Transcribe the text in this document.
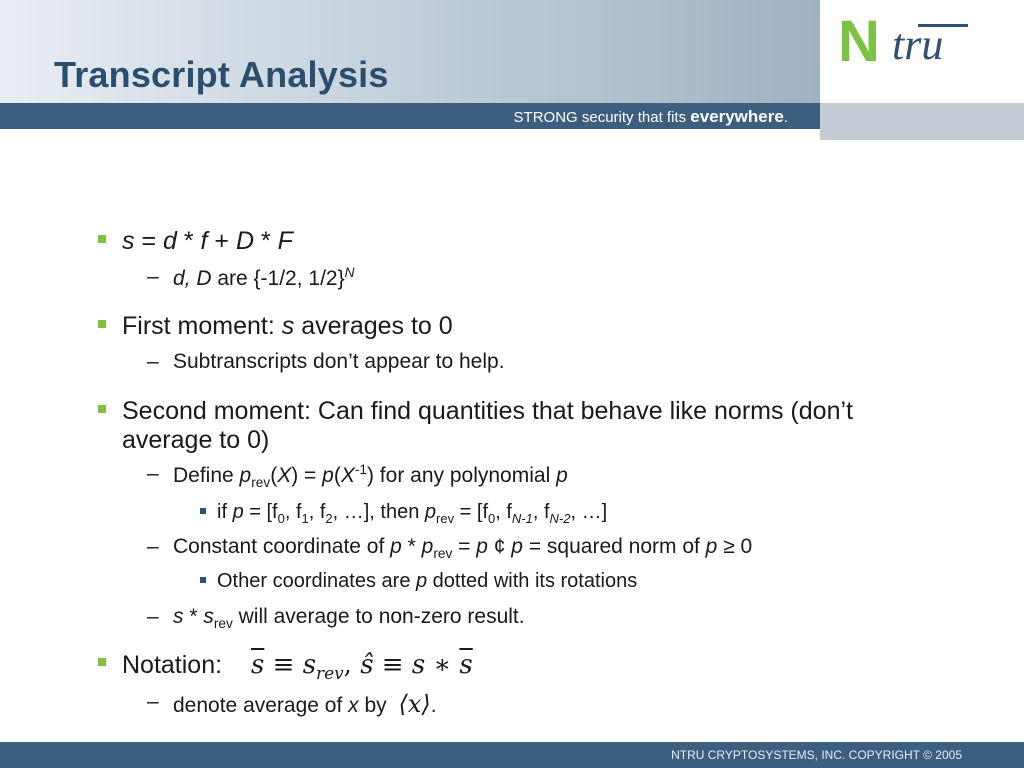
Transcript Analysis
STRONG security that fits everywhere.
N tru
s = d * f + D * F
– d, D are {-1/2, 1/2}$^N$
First moment: s averages to 0
– Subtranscripts don’t appear to help.
Second moment: Can find quantities that behave like norms (don’t
average to 0)
– Define $p_{rev}(X) = p(X^{-1})$ for any polynomial p
if $p = [f_0$, $f_1$, $f_2$, …], then $p_{rev} = [f_0$, $f_{N-1}$, $f_{N-2}$, …]
– Constant coordinate of $p * p_{rev} = p$ ¢ p = squared norm of p ≥ 0
Other coordinates are p dotted with its rotations
– s * $s_{rev}$ will average to non-zero result.
Notation: $\overline{s} \equiv s_{rev}$, ŝ ≡ s ∗ $\overline{s}$
– denote average of x by ⟨x⟩.
NTRU CRYPTOSYSTEMS, INC. COPYRIGHT © 2005
